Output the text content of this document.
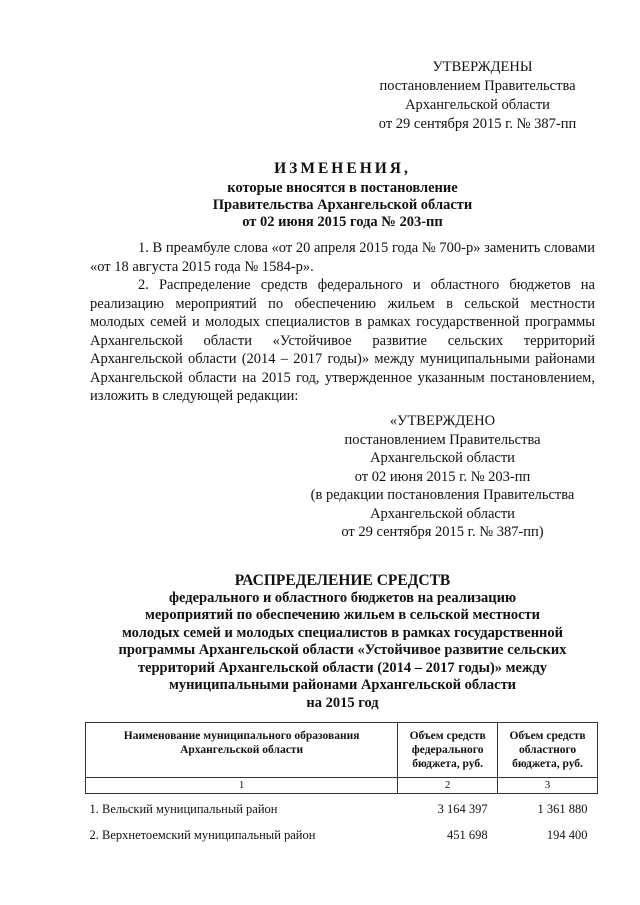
УТВЕРЖДЕНЫ
постановлением Правительства
Архангельской области
от 29 сентября 2015 г. № 387-пп
ИЗМЕНЕНИЯ,
которые вносятся в постановление
Правительства Архангельской области
от 02 июня 2015 года № 203-пп

1. В преамбуле слова «от 20 апреля 2015 года № 700-р» заменить словами «от 18 августа 2015 года № 1584-р».

2. Распределение средств федерального и областного бюджетов на реализацию мероприятий по обеспечению жильем в сельской местности молодых семей и молодых специалистов в рамках государственной программы Архангельской области «Устойчивое развитие сельских территорий Архангельской области (2014 – 2017 годы)» между муниципальными районами Архангельской области на 2015 год, утвержденное указанным постановлением, изложить в следующей редакции:

«УТВЕРЖДЕНО
постановлением Правительства
Архангельской области
от 02 июня 2015 г. № 203-пп
(в редакции постановления Правительства
Архангельской области
от 29 сентября 2015 г. № 387-пп)
РАСПРЕДЕЛЕНИЕ СРЕДСТВ
федерального и областного бюджетов на реализацию
мероприятий по обеспечению жильем в сельской местности
молодых семей и молодых специалистов в рамках государственной
программы Архангельской области «Устойчивое развитие сельских
территорий Архангельской области (2014 – 2017 годы)» между
муниципальными районами Архангельской области
на 2015 год
Наименование муниципального образования Архангельской области	Объем средств федерального бюджета, руб.	Объем средств областного бюджета, руб.
1	2	3
1. Вельский муниципальный район	3 164 397	1 361 880
2. Верхнетоемский муниципальный район	451 698	194 400
